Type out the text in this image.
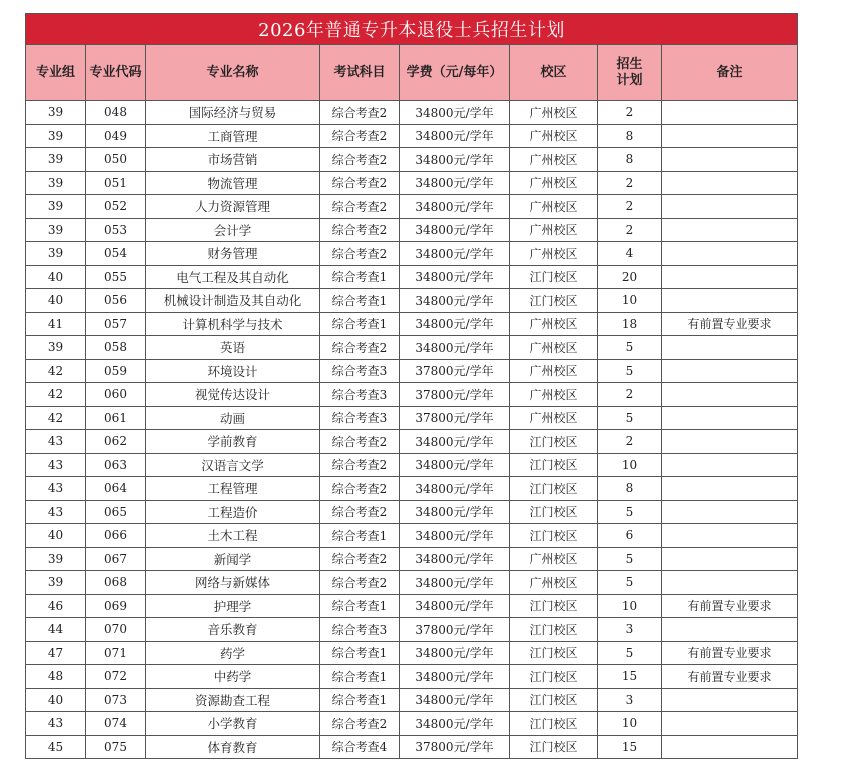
2026年普通专升本退役士兵招生计划							
专业组	专业代码	专业名称	考试科目	学费（元/每年）	校区	招生计划	备注
39	048	国际经济与贸易	综合考查2	34800元/学年	广州校区	2	
39	049	工商管理	综合考查2	34800元/学年	广州校区	8	
39	050	市场营销	综合考查2	34800元/学年	广州校区	8	
39	051	物流管理	综合考查2	34800元/学年	广州校区	2	
39	052	人力资源管理	综合考查2	34800元/学年	广州校区	2	
39	053	会计学	综合考查2	34800元/学年	广州校区	2	
39	054	财务管理	综合考查2	34800元/学年	广州校区	4	
40	055	电气工程及其自动化	综合考查1	34800元/学年	江门校区	20	
40	056	机械设计制造及其自动化	综合考查1	34800元/学年	江门校区	10	
41	057	计算机科学与技术	综合考查1	34800元/学年	广州校区	18	有前置专业要求
39	058	英语	综合考查2	34800元/学年	广州校区	5	
42	059	环境设计	综合考查3	37800元/学年	广州校区	5	
42	060	视觉传达设计	综合考查3	37800元/学年	广州校区	2	
42	061	动画	综合考查3	37800元/学年	广州校区	5	
43	062	学前教育	综合考查2	34800元/学年	江门校区	2	
43	063	汉语言文学	综合考查2	34800元/学年	江门校区	10	
43	064	工程管理	综合考查2	34800元/学年	江门校区	8	
43	065	工程造价	综合考查2	34800元/学年	江门校区	5	
40	066	土木工程	综合考查1	34800元/学年	江门校区	6	
39	067	新闻学	综合考查2	34800元/学年	广州校区	5	
39	068	网络与新媒体	综合考查2	34800元/学年	广州校区	5	
46	069	护理学	综合考查1	34800元/学年	江门校区	10	有前置专业要求
44	070	音乐教育	综合考查3	37800元/学年	江门校区	3	
47	071	药学	综合考查1	34800元/学年	江门校区	5	有前置专业要求
48	072	中药学	综合考查1	34800元/学年	江门校区	15	有前置专业要求
40	073	资源勘查工程	综合考查1	34800元/学年	江门校区	3	
43	074	小学教育	综合考查2	34800元/学年	江门校区	10	
45	075	体育教育	综合考查4	37800元/学年	江门校区	15	
